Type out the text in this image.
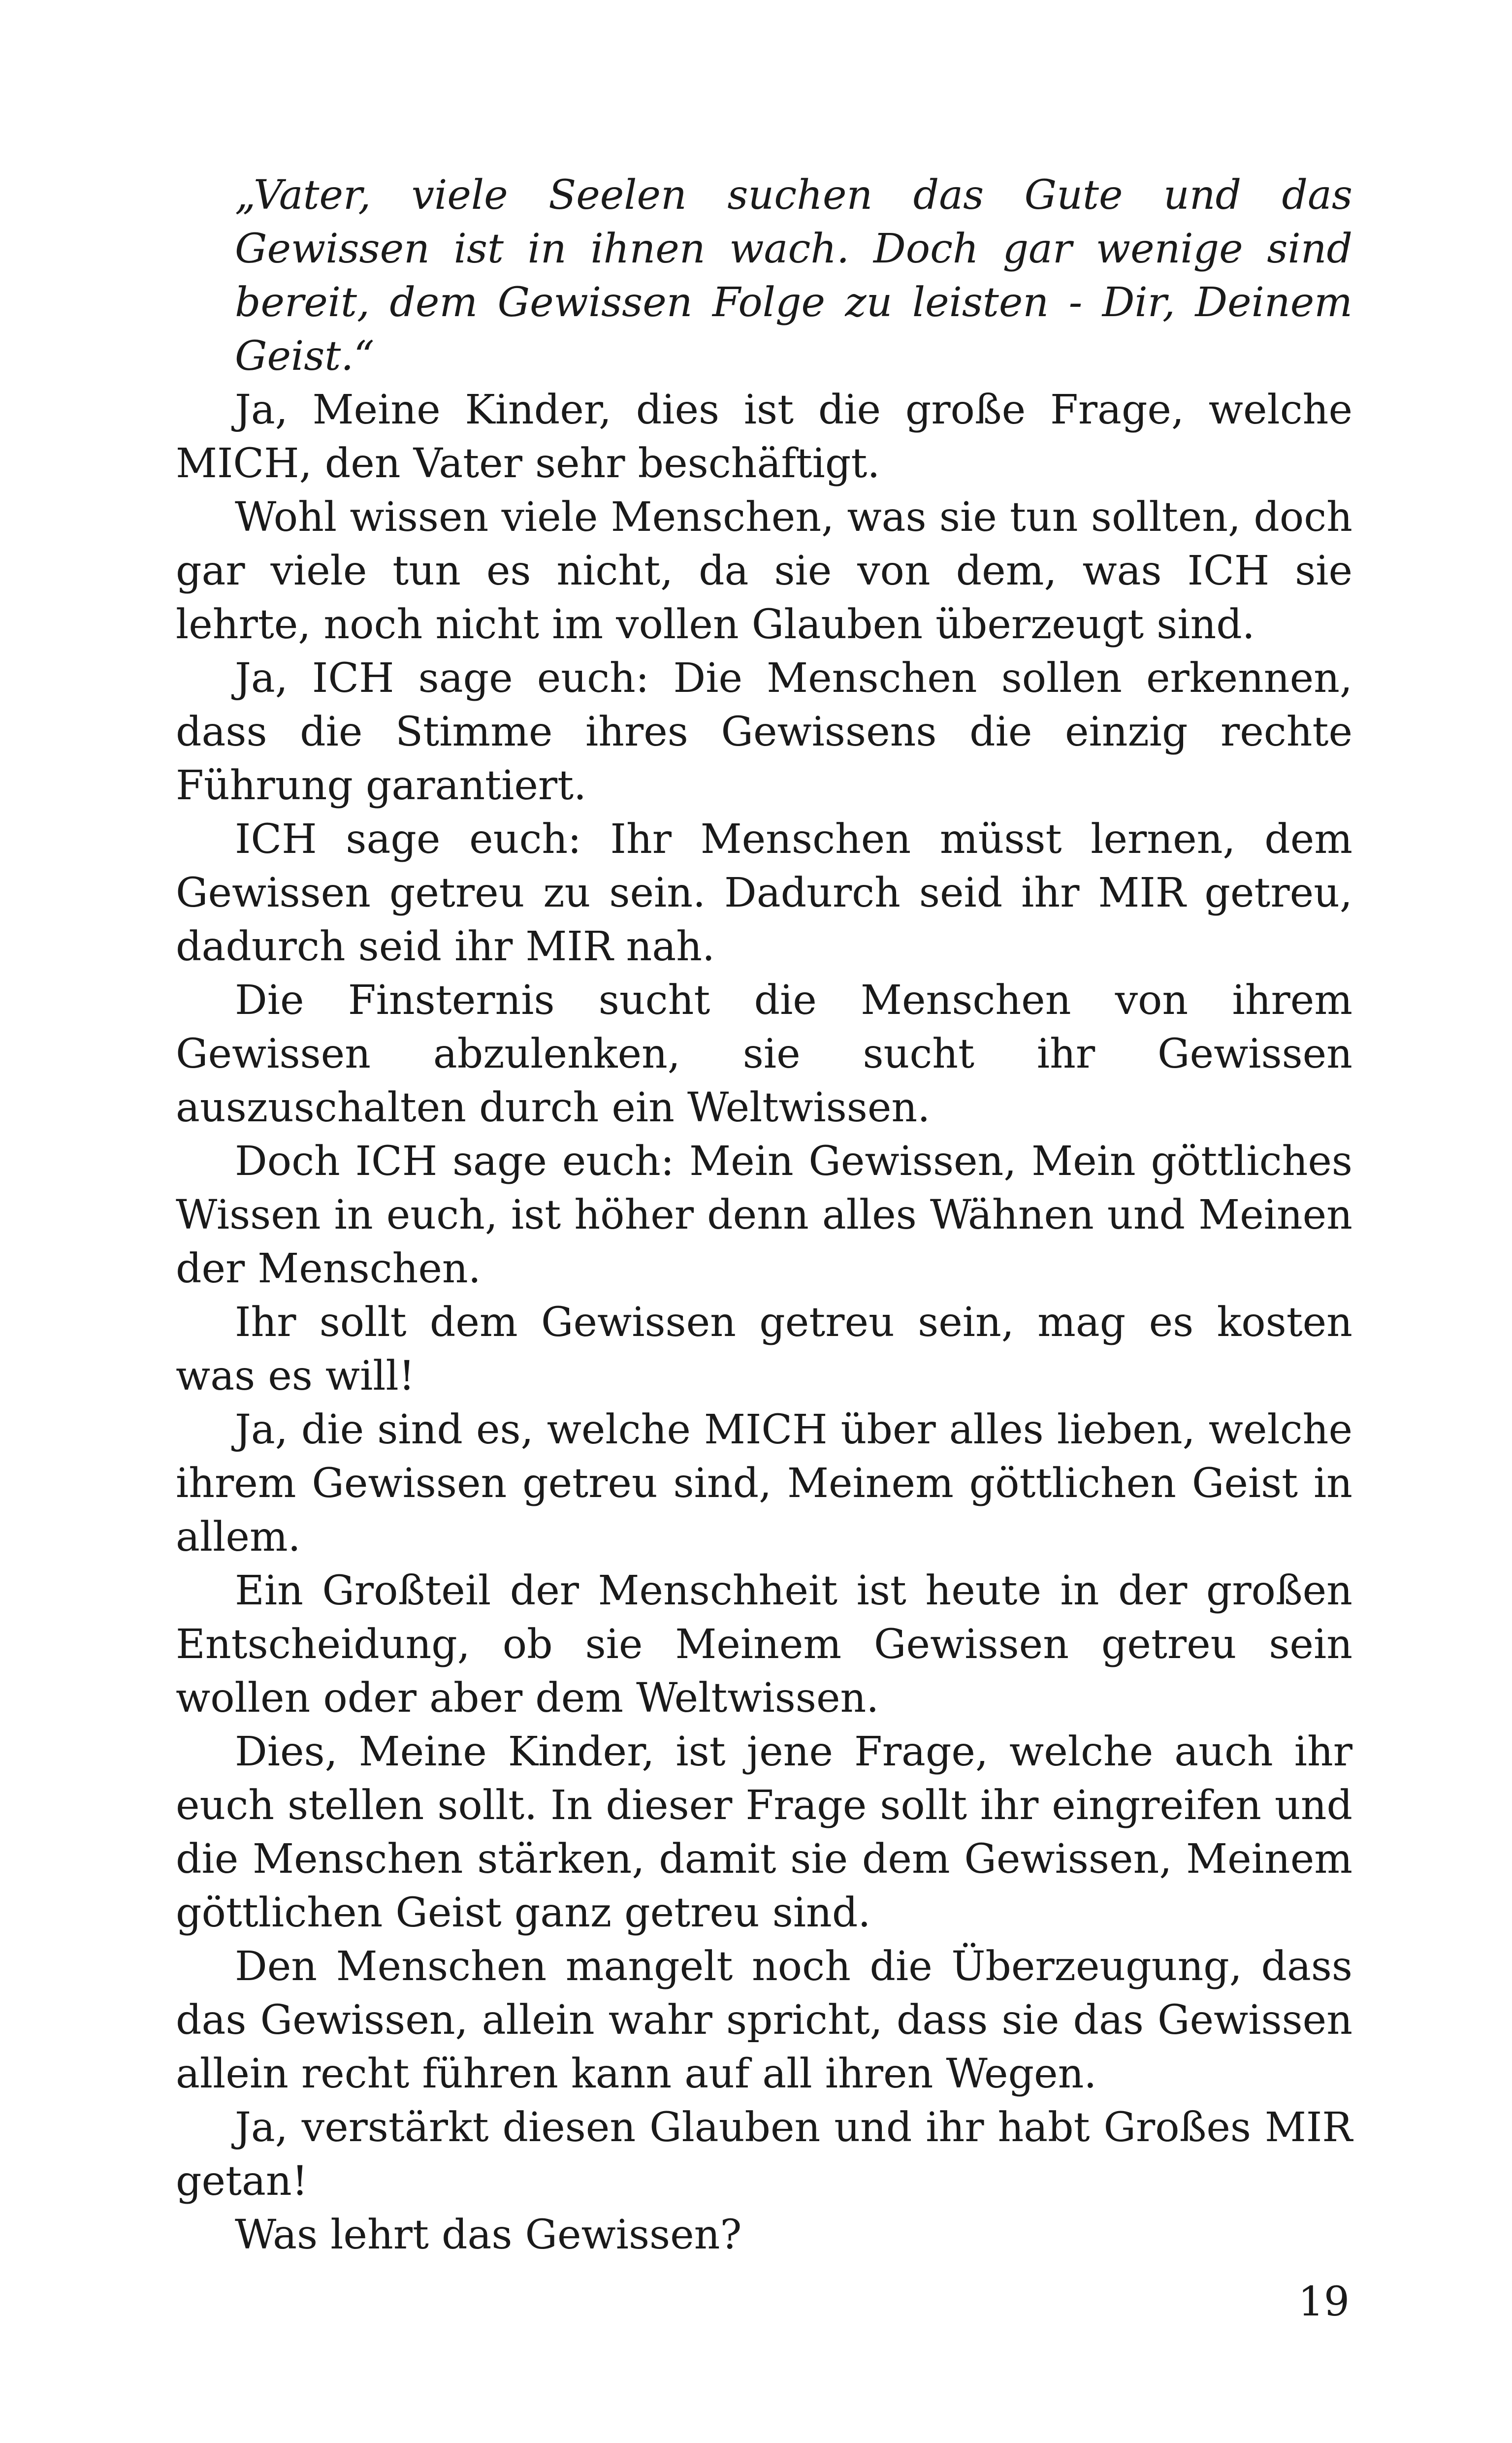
„Vater, viele Seelen suchen das Gute und das Gewissen ist in ihnen wach. Doch gar wenige sind bereit, dem Gewissen Folge zu leisten - Dir, Deinem Geist.“

Ja, Meine Kinder, dies ist die große Frage, welche MICH, den Vater sehr beschäftigt.

Wohl wissen viele Menschen, was sie tun sollten, doch gar viele tun es nicht, da sie von dem, was ICH sie lehrte, noch nicht im vollen Glauben überzeugt sind.

Ja, ICH sage euch: Die Menschen sollen erkennen, dass die Stimme ihres Gewissens die einzig rechte Führung garantiert.

ICH sage euch: Ihr Menschen müsst lernen, dem Gewissen getreu zu sein. Dadurch seid ihr MIR getreu, dadurch seid ihr MIR nah.

Die Finsternis sucht die Menschen von ihrem Gewissen abzulenken, sie sucht ihr Gewissen auszuschalten durch ein Weltwissen.

Doch ICH sage euch: Mein Gewissen, Mein göttliches Wissen in euch, ist höher denn alles Wähnen und Meinen der Menschen.

Ihr sollt dem Gewissen getreu sein, mag es kosten was es will!

Ja, die sind es, welche MICH über alles lieben, welche ihrem Gewissen getreu sind, Meinem göttlichen Geist in allem.

Ein Großteil der Menschheit ist heute in der großen Entscheidung, ob sie Meinem Gewissen getreu sein wollen oder aber dem Weltwissen.

Dies, Meine Kinder, ist jene Frage, welche auch ihr euch stellen sollt. In dieser Frage sollt ihr eingreifen und die Menschen stärken, damit sie dem Gewissen, Meinem göttlichen Geist ganz getreu sind.

Den Menschen mangelt noch die Überzeugung, dass das Gewissen, allein wahr spricht, dass sie das Gewissen allein recht führen kann auf all ihren Wegen.

Ja, verstärkt diesen Glauben und ihr habt Großes MIR getan!

Was lehrt das Gewissen?

19
